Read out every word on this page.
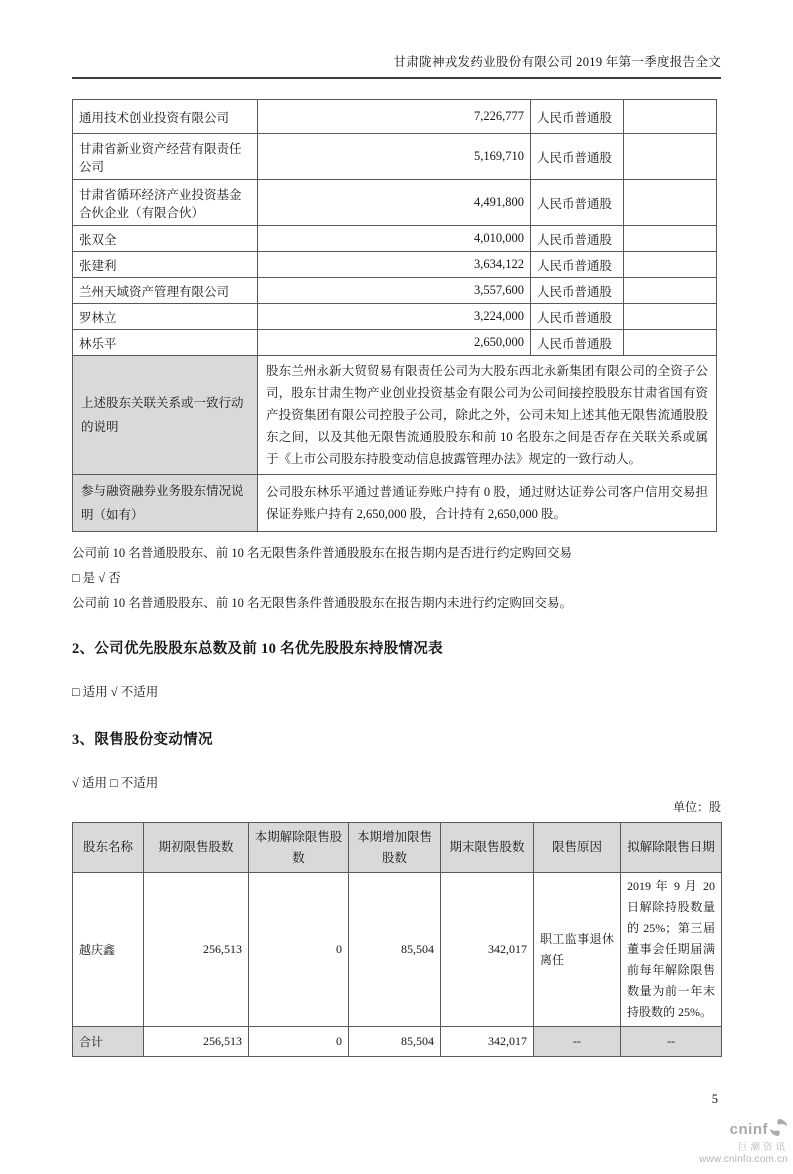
甘肃陇神戎发药业股份有限公司 2019 年第一季度报告全文
通用技术创业投资有限公司	7,226,777	人民币普通股	
甘肃省新业资产经营有限责任公司	5,169,710	人民币普通股	
甘肃省循环经济产业投资基金合伙企业（有限合伙）	4,491,800	人民币普通股	
张双全	4,010,000	人民币普通股	
张建利	3,634,122	人民币普通股	
兰州天域资产管理有限公司	3,557,600	人民币普通股	
罗林立	3,224,000	人民币普通股	
林乐平	2,650,000	人民币普通股	
上述股东关联关系或一致行动的说明	股东兰州永新大贸贸易有限责任公司为大股东西北永新集团有限公司的全资子公司，股东甘肃生物产业创业投资基金有限公司为公司间接控股股东甘肃省国有资产投资集团有限公司控股子公司，除此之外，公司未知上述其他无限售流通股股东之间，以及其他无限售流通股股东和前 10 名股东之间是否存在关联关系或属于《上市公司股东持股变动信息披露管理办法》规定的一致行动人。		
参与融资融券业务股东情况说明（如有）	公司股东林乐平通过普通证券账户持有 0 股，通过财达证券公司客户信用交易担保证券账户持有 2,650,000 股，合计持有 2,650,000 股。		

公司前 10 名普通股股东、前 10 名无限售条件普通股股东在报告期内是否进行约定购回交易

□ 是 √ 否

公司前 10 名普通股股东、前 10 名无限售条件普通股股东在报告期内未进行约定购回交易。

2、公司优先股股东总数及前 10 名优先股股东持股情况表

□ 适用 √ 不适用

3、限售股份变动情况

√ 适用 □ 不适用

单位：股
股东名称	期初限售股数	本期解除限售股数	本期增加限售股数	期末限售股数	限售原因	拟解除限售日期
越庆鑫	256,513	0	85,504	342,017	职工监事退休离任	2019 年 9 月 20 日解除持股数量的 25%；第三届董事会任期届满前每年解除限售数量为前一年末持股数的 25%。
合计	256,513	0	85,504	342,017	--	--
5
cninf
巨潮资讯
www.cninfo.com.cn
